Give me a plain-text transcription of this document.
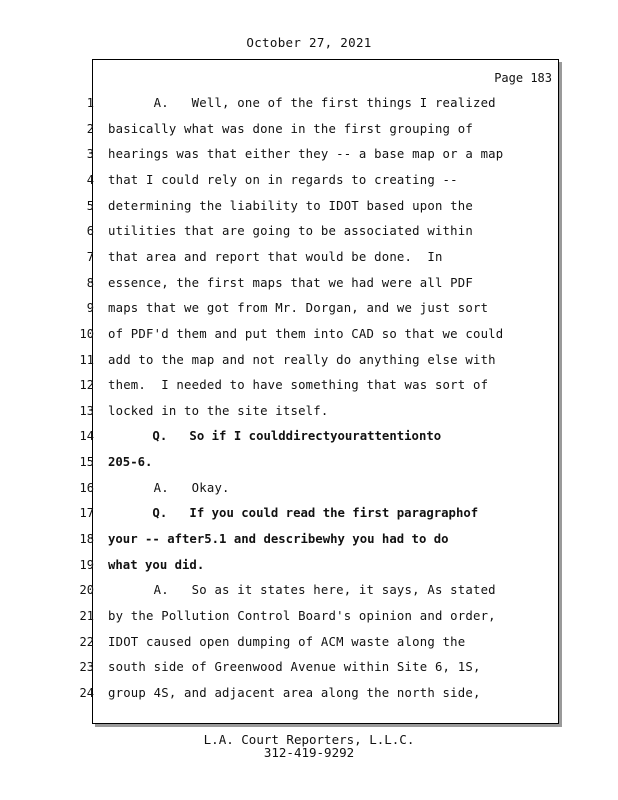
October 27, 2021
Page 183
1 A.   Well, one of the first things I realized
2 basically what was done in the first grouping of
3 hearings was that either they -- a base map or a map
4 that I could rely on in regards to creating --
5 determining the liability to IDOT based upon the
6 utilities that are going to be associated within
7 that area and report that would be done.  In
8 essence, the first maps that we had were all PDF
9 maps that we got from Mr. Dorgan, and we just sort
10 of PDF'd them and put them into CAD so that we could
11 add to the map and not really do anything else with
12 them.  I needed to have something that was sort of
13 locked in to the site itself.
14 Q.   So if I coulddirectyourattentionto
15 205-6.
16 A.   Okay.
17 Q.   If you could read the first paragraphof
18 your -- after5.1 and describewhy you had to do
19 what you did.
20 A.   So as it states here, it says, As stated
21 by the Pollution Control Board's opinion and order,
22 IDOT caused open dumping of ACM waste along the
23 south side of Greenwood Avenue within Site 6, 1S,
24 group 4S, and adjacent area along the north side,
L.A. Court Reporters, L.L.C.
312-419-9292
